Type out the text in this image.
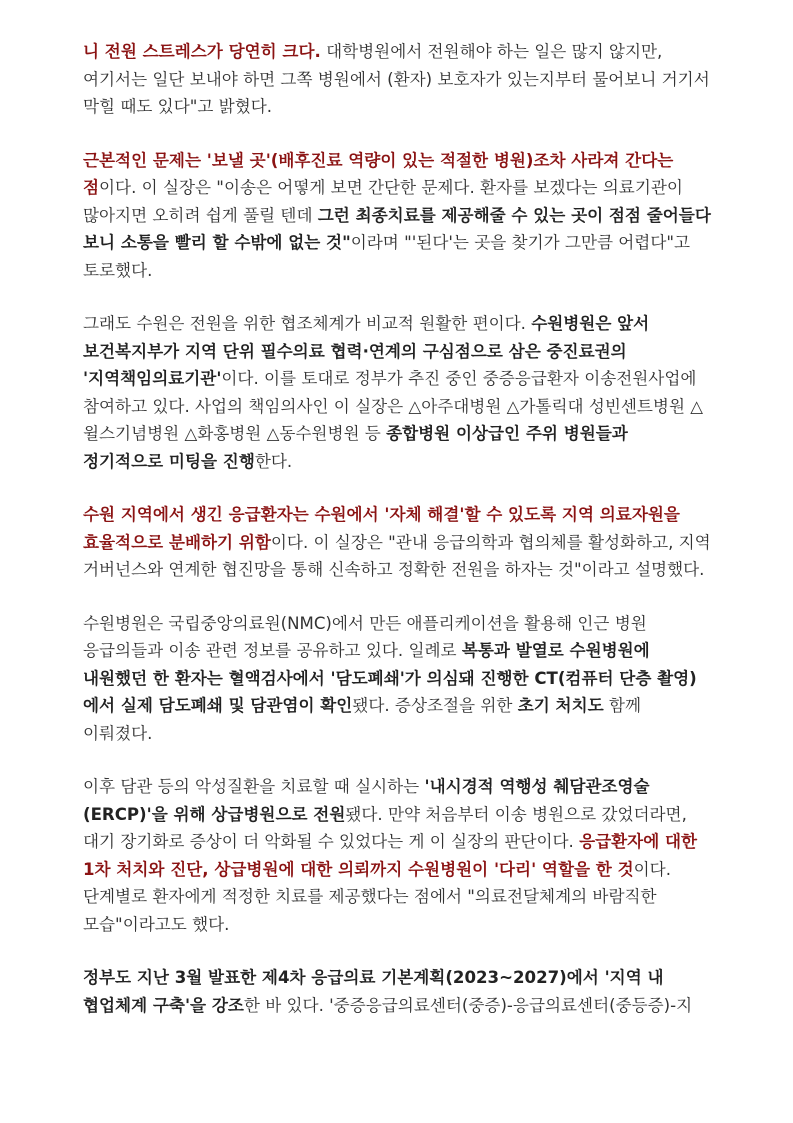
니 전원 스트레스가 당연히 크다. 대학병원에서 전원해야 하는 일은 많지 않지만, 여기서는 일단 보내야 하면 그쪽 병원에서 (환자) 보호자가 있는지부터 물어보니 거기서 막힐 때도 있다"고 밝혔다.

근본적인 문제는 '보낼 곳'(배후진료 역량이 있는 적절한 병원)조차 사라져 간다는 점이다. 이 실장은 "이송은 어떻게 보면 간단한 문제다. 환자를 보겠다는 의료기관이 많아지면 오히려 쉽게 풀릴 텐데 그런 최종치료를 제공해줄 수 있는 곳이 점점 줄어들다 보니 소통을 빨리 할 수밖에 없는 것"이라며 "'된다'는 곳을 찾기가 그만큼 어렵다"고 토로했다.

그래도 수원은 전원을 위한 협조체계가 비교적 원활한 편이다. 수원병원은 앞서 보건복지부가 지역 단위 필수의료 협력·연계의 구심점으로 삼은 중진료권의 '지역책임의료기관'이다. 이를 토대로 정부가 추진 중인 중증응급환자 이송전원사업에 참여하고 있다. 사업의 책임의사인 이 실장은 △아주대병원 △가톨릭대 성빈센트병원 △윌스기념병원 △화홍병원 △동수원병원 등 종합병원 이상급인 주위 병원들과 정기적으로 미팅을 진행한다.

수원 지역에서 생긴 응급환자는 수원에서 '자체 해결'할 수 있도록 지역 의료자원을 효율적으로 분배하기 위함이다. 이 실장은 "관내 응급의학과 협의체를 활성화하고, 지역 거버넌스와 연계한 협진망을 통해 신속하고 정확한 전원을 하자는 것"이라고 설명했다.

수원병원은 국립중앙의료원(NMC)에서 만든 애플리케이션을 활용해 인근 병원 응급의들과 이송 관련 정보를 공유하고 있다. 일례로 복통과 발열로 수원병원에 내원했던 한 환자는 혈액검사에서 '담도폐쇄'가 의심돼 진행한 CT(컴퓨터 단층 촬영)에서 실제 담도폐쇄 및 담관염이 확인됐다. 증상조절을 위한 초기 처치도 함께 이뤄졌다.

이후 담관 등의 악성질환을 치료할 때 실시하는 '내시경적 역행성 췌담관조영술(ERCP)'을 위해 상급병원으로 전원됐다. 만약 처음부터 이송 병원으로 갔었더라면, 대기 장기화로 증상이 더 악화될 수 있었다는 게 이 실장의 판단이다. 응급환자에 대한 1차 처치와 진단, 상급병원에 대한 의뢰까지 수원병원이 '다리' 역할을 한 것이다. 단계별로 환자에게 적정한 치료를 제공했다는 점에서 "의료전달체계의 바람직한 모습"이라고도 했다.

정부도 지난 3월 발표한 제4차 응급의료 기본계획(2023~2027)에서 '지역 내 협업체계 구축'을 강조한 바 있다. '중증응급의료센터(중증)-응급의료센터(중등증)-지
